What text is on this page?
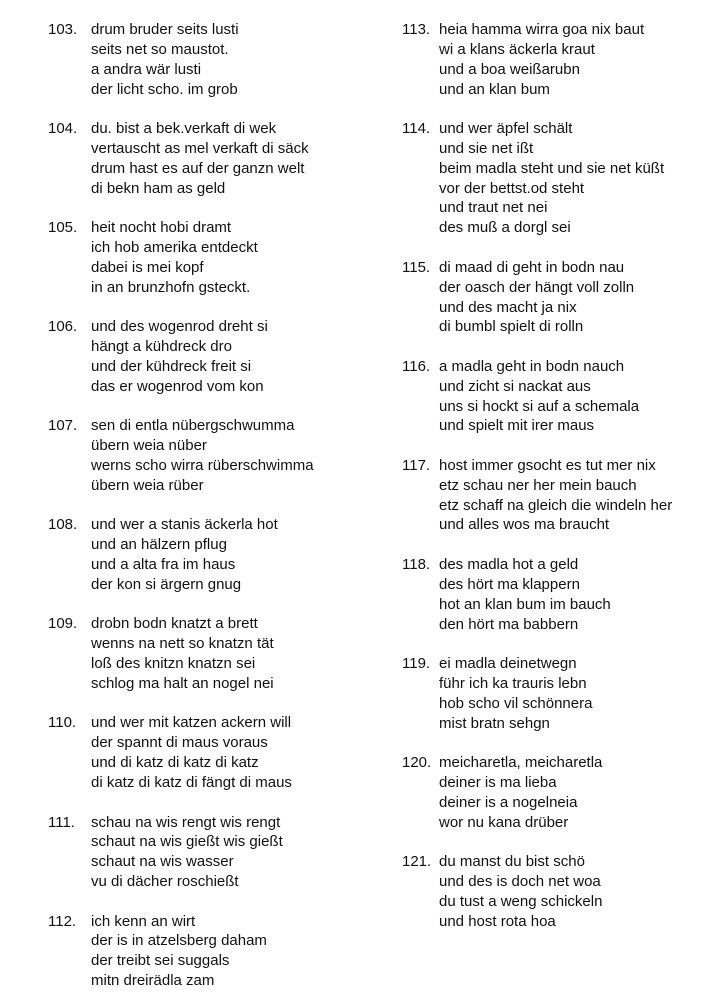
103. drum bruder seits lusti
seits net so maustot.
a andra wär lusti
der licht scho. im grob
104. du. bist a bek.verkaft di wek
vertauscht as mel verkaft di säck
drum hast es auf der ganzn welt
di bekn ham as geld
105. heit nocht hobi dramt
ich hob amerika entdeckt
dabei is mei kopf
in an brunzhofn gsteckt.
106. und des wogenrod dreht si
hängt a kühdreck dro
und der kühdreck freit si
das er wogenrod vom kon
107. sen di entla nübergschwumma
übern weia nüber
werns scho wirra rüberschwimma
übern weia rüber
108. und wer a stanis äckerla hot
und an hälzern pflug
und a alta fra im haus
der kon si ärgern gnug
109. drobn bodn knatzt a brett
wenns na nett so knatzn tät
loß des knitzn knatzn sei
schlog ma halt an nogel nei
110. und wer mit katzen ackern will
der spannt di maus voraus
und di katz di katz di katz
di katz di katz di fängt di maus
111. schau na wis rengt wis rengt
schaut na wis gießt wis gießt
schaut na wis wasser
vu di dächer roschießt
112. ich kenn an wirt
der is in atzelsberg daham
der treibt sei suggals
mitn dreirädla zam
113. heia hamma wirra goa nix baut
wi a klans äckerla kraut
und a boa weißarubn
und an klan bum
114. und wer äpfel schält
und sie net ißt
beim madla steht und sie net küßt
vor der bettst.od steht
und traut net nei
des muß a dorgl sei
115. di maad di geht in bodn nau
der oasch der hängt voll zolln
und des macht ja nix
di bumbl spielt di rolln
116. a madla geht in bodn nauch
und zicht si nackat aus
uns si hockt si auf a schemala
und spielt mit irer maus
117. host immer gsocht es tut mer nix
etz schau ner her mein bauch
etz schaff na gleich die windeln her
und alles wos ma braucht
118. des madla hot a geld
des hört ma klappern
hot an klan bum im bauch
den hört ma babbern
119. ei madla deinetwegn
führ ich ka trauris lebn
hob scho vil schönnera
mist bratn sehgn
120. meicharetla, meicharetla
deiner is ma lieba
deiner is a nogelneia
wor nu kana drüber
121. du manst du bist schö
und des is doch net woa
du tust a weng schickeln
und host rota hoa
